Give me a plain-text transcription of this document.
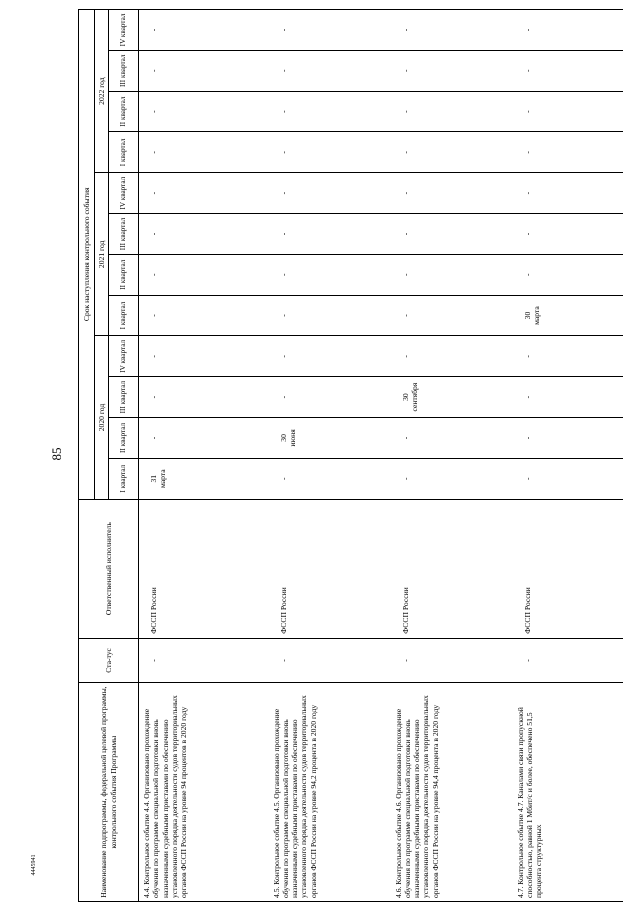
85
4445941	Наименование подпрограммы, федеральной целевой программы, контрольного события Программы	Ста-тус	Ответственный исполнитель	Срок наступления контрольного события											
			2020 год				2021 год				2022 год			
			I квартал	II квартал	III квартал	IV квартал	I квартал	II квартал	III квартал	IV квартал	I квартал	II квартал	III квартал	IV квартал
4.4. Контрольное событие 4.4. Организовано прохождение обучения по программе специальной подготовки вновь назначенными судебными приставами по обеспечению установленного порядка деятельности судов территориальных органов ФССП России на уровне 94 процентов в 2020 году	-	ФССП России	31 марта	-	-	-	-	-	-	-	-	-	-	-

4.5. Контрольное событие 4.5. Организовано прохождение обучения по программе специальной подготовки вновь назначенными судебными приставами по обеспечению установленного порядка деятельности судов территориальных органов ФССП России на уровне 94,2 процента в 2020 году	-	ФССП России	-	30 июня	-	-	-	-	-	-	-	-	-	-

4.6. Контрольное событие 4.6. Организовано прохождение обучения по программе специальной подготовки вновь назначенными судебными приставами по обеспечению установленного порядка деятельности судов территориальных органов ФССП России на уровне 94,4 процента в 2020 году	-	ФССП России	-	-	30 сентября	-	-	-	-	-	-	-	-	-

4.7. Контрольное событие 4.7. Каналами связи пропускной способностью, равной 1 Мбит/с и более, обеспечено 51,5 процента структурных	-	ФССП России	-	-	-	-	30 марта	-	-	-	-	-	-	-
